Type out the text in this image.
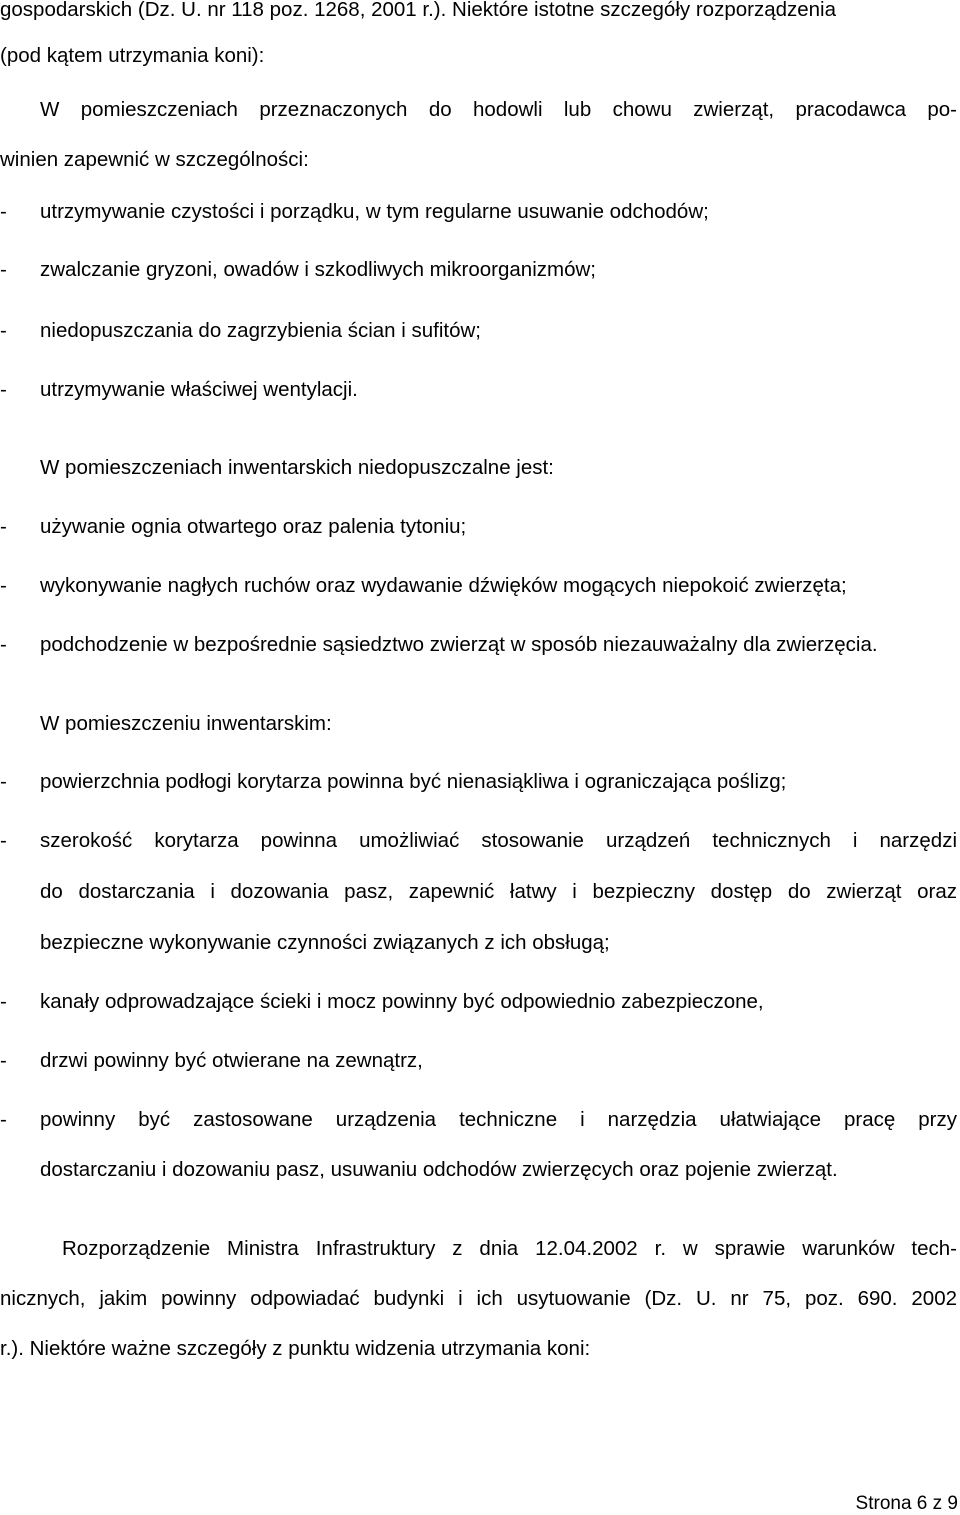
gospodarskich (Dz. U. nr 118 poz. 1268, 2001 r.). Niektóre istotne szczegóły rozporządzenia
(pod kątem utrzymania koni):
W pomieszczeniach przeznaczonych do hodowli lub chowu zwierząt, pracodawca po-
winien zapewnić w szczególności:
- utrzymywanie czystości i porządku, w tym regularne usuwanie odchodów;
- zwalczanie gryzoni, owadów i szkodliwych mikroorganizmów;
- niedopuszczania do zagrzybienia ścian i sufitów;
- utrzymywanie właściwej wentylacji.
W pomieszczeniach inwentarskich niedopuszczalne jest:
- używanie ognia otwartego oraz palenia tytoniu;
- wykonywanie nagłych ruchów oraz wydawanie dźwięków mogących niepokoić zwierzęta;
- podchodzenie w bezpośrednie sąsiedztwo zwierząt w sposób niezauważalny dla zwierzęcia.
W pomieszczeniu inwentarskim:
- powierzchnia podłogi korytarza powinna być nienasiąkliwa i ograniczająca poślizg;
- szerokość korytarza powinna umożliwiać stosowanie urządzeń technicznych i narzędzi
do dostarczania i dozowania pasz, zapewnić łatwy i bezpieczny dostęp do zwierząt oraz
bezpieczne wykonywanie czynności związanych z ich obsługą;
- kanały odprowadzające ścieki i mocz powinny być odpowiednio zabezpieczone,
- drzwi powinny być otwierane na zewnątrz,
- powinny być zastosowane urządzenia techniczne i narzędzia ułatwiające pracę przy
dostarczaniu i dozowaniu pasz, usuwaniu odchodów zwierzęcych oraz pojenie zwierząt.
Rozporządzenie Ministra Infrastruktury z dnia 12.04.2002 r. w sprawie warunków tech-
nicznych, jakim powinny odpowiadać budynki i ich usytuowanie (Dz. U. nr 75, poz. 690. 2002
r.). Niektóre ważne szczegóły z punktu widzenia utrzymania koni:
Strona 6 z 9
